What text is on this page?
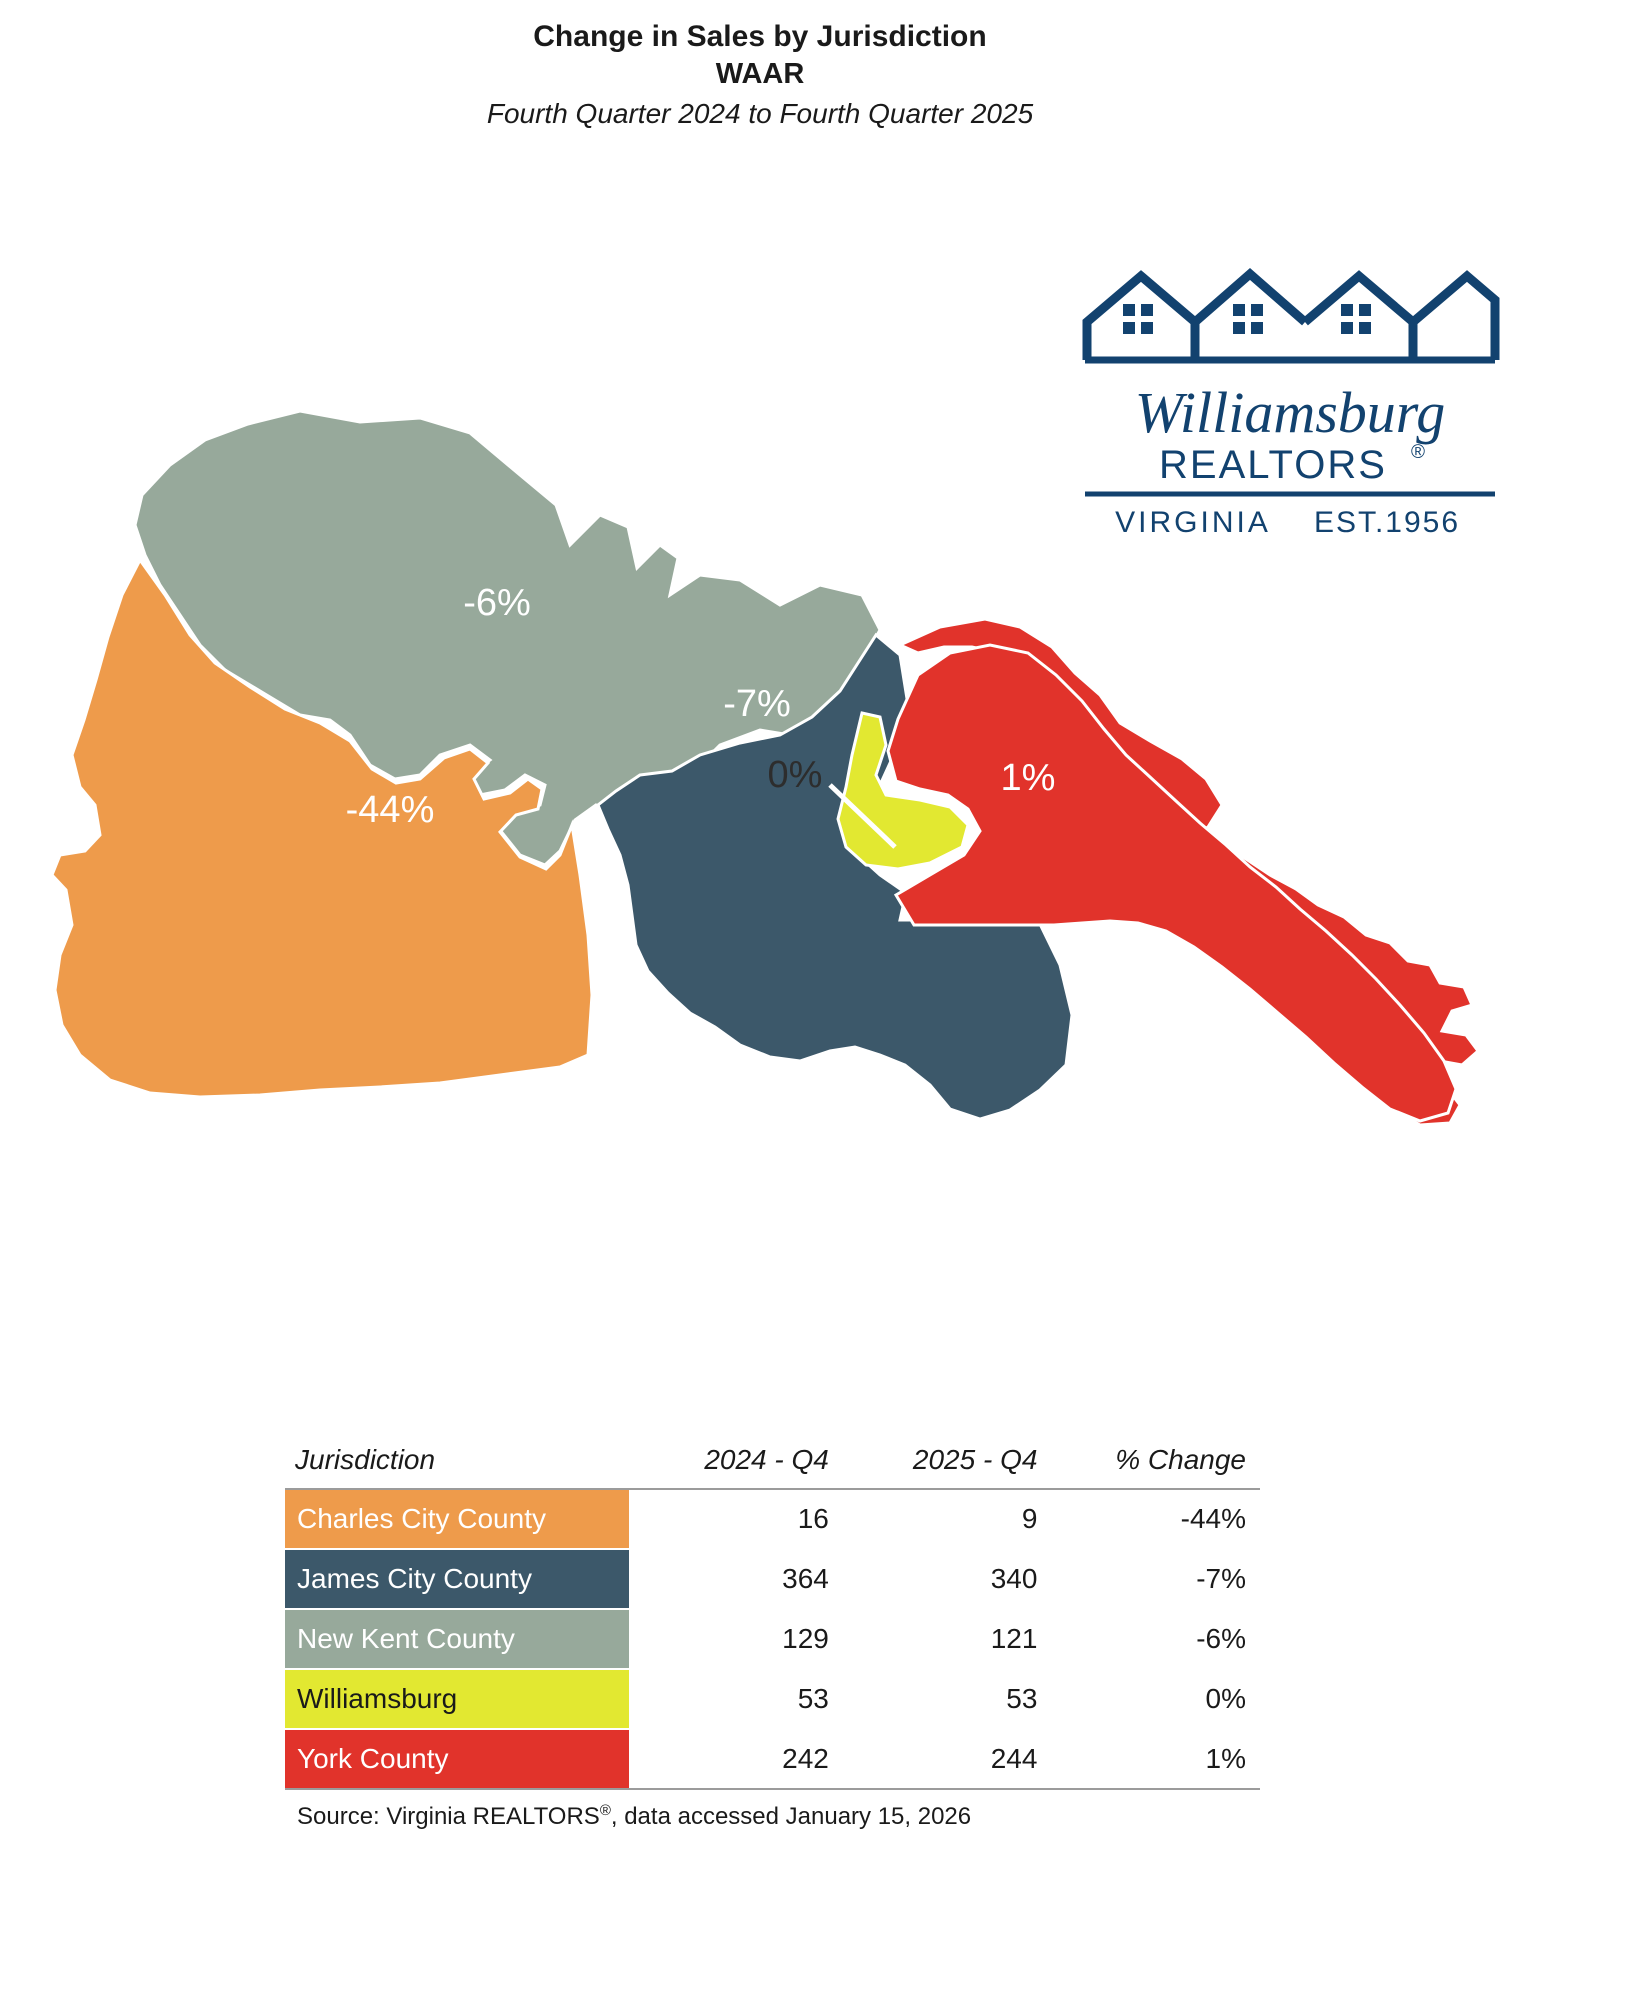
Change in Sales by Jurisdiction
WAAR
Fourth Quarter 2024 to Fourth Quarter 2025
-6%
-44%
-7%
0%	1%
Williamsburg
REALTORS ®
VIRGINIA EST.1956
Jurisdiction	2024 - Q4	2025 - Q4	% Change
Charles City County	16	9	-44%
James City County	364	340	-7%
New Kent County	129	121	-6%
Williamsburg	53	53	0%
York County	242	244	1%
Source: Virginia REALTORS®, data accessed January 15, 2026
